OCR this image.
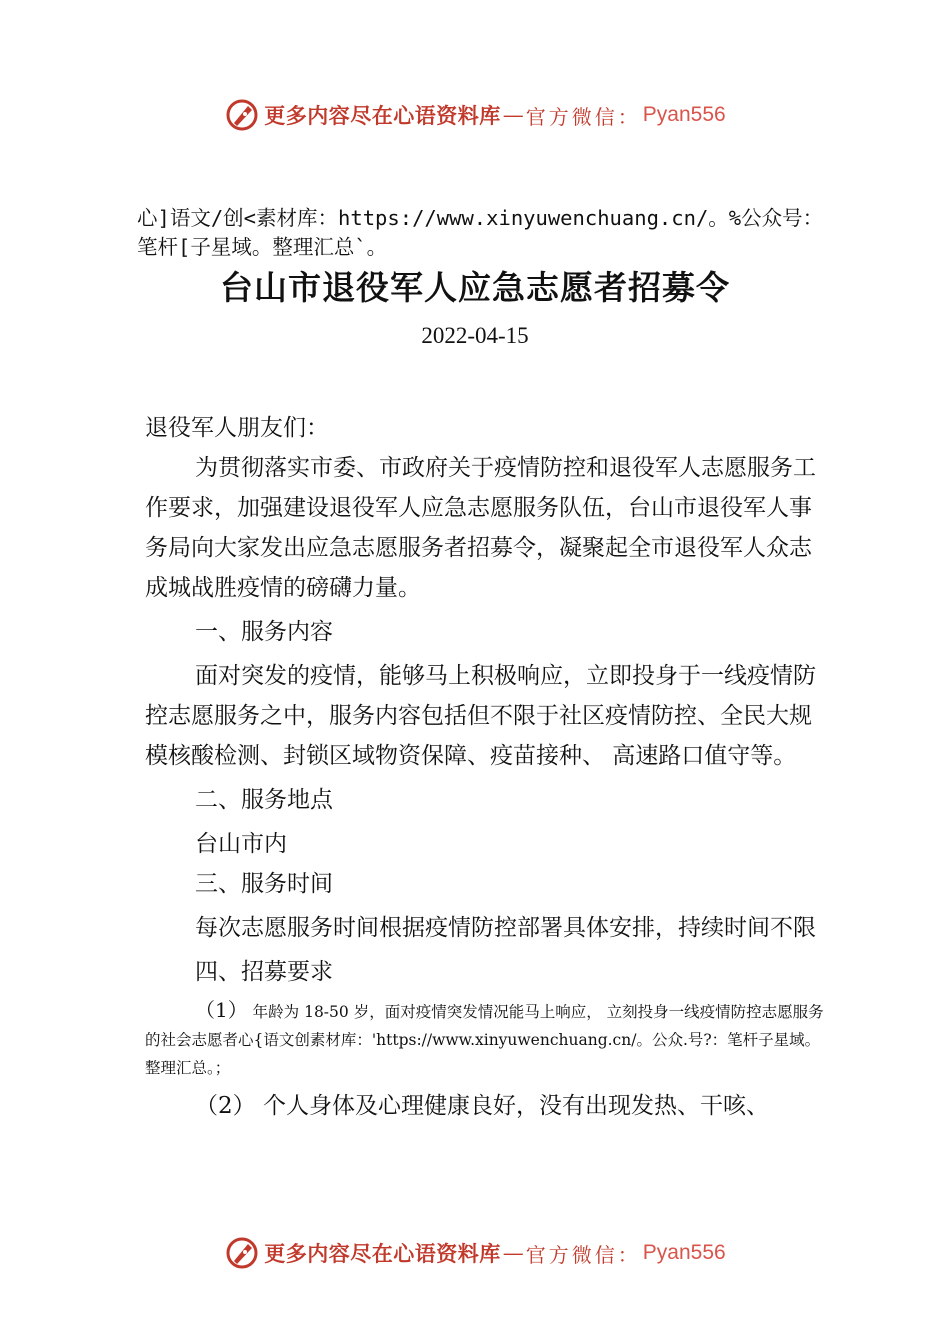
更多内容尽在心语资料库 — 官方微信： Pyan556
心]语文/创<素材库：https://www.xinyuwenchuang.cn/。%公众号：笔杆[子星域。整理汇总`。
台山市退役军人应急志愿者招募令
2022-04-15

退役军人朋友们：

为贯彻落实市委、市政府关于疫情防控和退役军人志愿服务工作要求，加强建设退役军人应急志愿服务队伍，台山市退役军人事务局向大家发出应急志愿服务者招募令，凝聚起全市退役军人众志成城战胜疫情的磅礴力量。

一、服务内容

面对突发的疫情，能够马上积极响应，立即投身于一线疫情防控志愿服务之中，服务内容包括但不限于社区疫情防控、全民大规模核酸检测、封锁区域物资保障、疫苗接种、 高速路口值守等。

二、服务地点

台山市内

三、服务时间

每次志愿服务时间根据疫情防控部署具体安排，持续时间不限

四、招募要求

（1） 年龄为 18-50 岁，面对疫情突发情况能马上响应， 立刻投身一线疫情防控志愿服务的社会志愿者心{语文创素材库：'https://www.xinyuwenchuang.cn/。公众.号?：笔杆子星域。整理汇总。；

（2） 个人身体及心理健康良好，没有出现发热、干咳、

更多内容尽在心语资料库 — 官方微信： Pyan556
